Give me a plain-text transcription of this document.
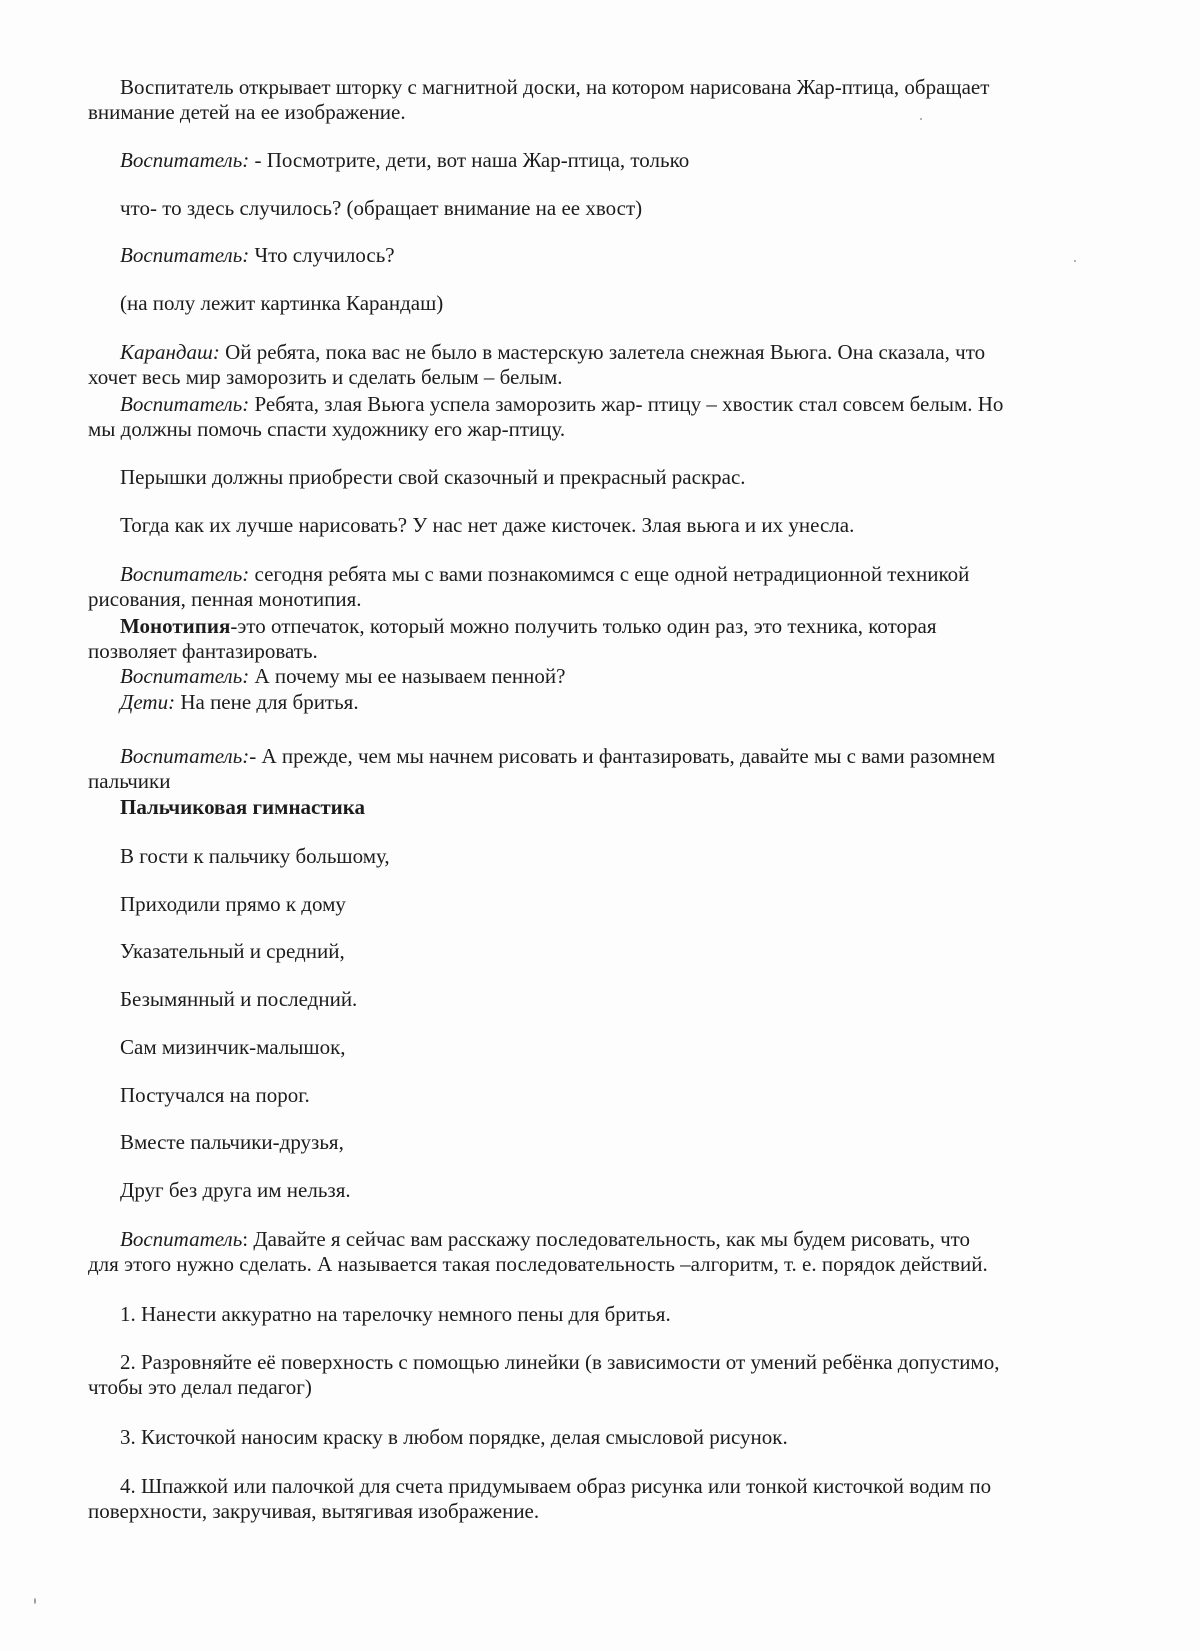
Воспитатель открывает шторку с магнитной доски, на котором нарисована Жар-птица, обращает
внимание детей на ее изображение.

Воспитатель: - Посмотрите, дети, вот наша Жар-птица, только

что- то здесь случилось? (обращает внимание на ее хвост)

Воспитатель: Что случилось?

(на полу лежит картинка Карандаш)

Карандаш: Ой ребята, пока вас не было в мастерскую залетела снежная Вьюга. Она сказала, что
хочет весь мир заморозить и сделать белым – белым.

Воспитатель: Ребята, злая Вьюга успела заморозить жар- птицу – хвостик стал совсем белым. Но
мы должны помочь спасти художнику его жар-птицу.

Перышки должны приобрести свой сказочный и прекрасный раскрас.

Тогда как их лучше нарисовать? У нас нет даже кисточек. Злая вьюга и их унесла.

Воспитатель: сегодня ребята мы с вами познакомимся с еще одной нетрадиционной техникой
рисования, пенная монотипия.

Монотипия-это отпечаток, который можно получить только один раз, это техника, которая
позволяет фантазировать.

Воспитатель: А почему мы ее называем пенной?

Дети: На пене для бритья.

Воспитатель:- А прежде, чем мы начнем рисовать и фантазировать, давайте мы с вами разомнем
пальчики

Пальчиковая гимнастика

В гости к пальчику большому,

Приходили прямо к дому

Указательный и средний,

Безымянный и последний.

Сам мизинчик-малышок,

Постучался на порог.

Вместе пальчики-друзья,

Друг без друга им нельзя.

Воспитатель: Давайте я сейчас вам расскажу последовательность, как мы будем рисовать, что
для этого нужно сделать. А называется такая последовательность –алгоритм, т. е. порядок действий.

1. Нанести аккуратно на тарелочку немного пены для бритья.

2. Разровняйте её поверхность с помощью линейки (в зависимости от умений ребёнка допустимо,
чтобы это делал педагог)

3. Кисточкой наносим краску в любом порядке, делая смысловой рисунок.

4. Шпажкой или палочкой для счета придумываем образ рисунка или тонкой кисточкой водим по
поверхности, закручивая, вытягивая изображение.
